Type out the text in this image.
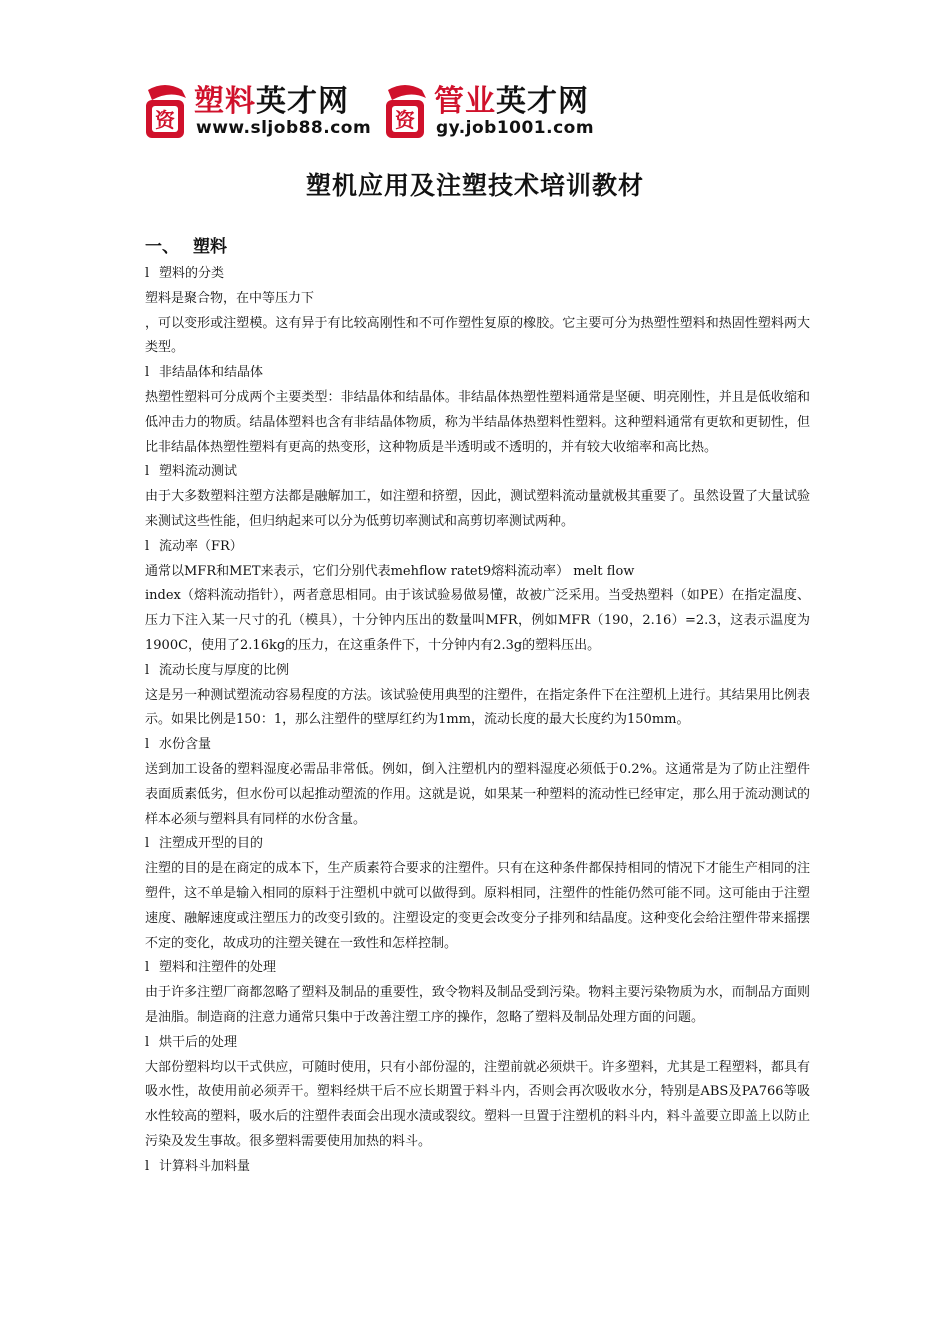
资
塑料英才网
www.sljob88.com 资
管业英才网
gy.job1001.com
塑机应用及注塑技术培训教材
一、 塑料

l 塑料的分类

塑料是聚合物，在中等压力下

，可以变形或注塑模。这有异于有比较高刚性和不可作塑性复原的橡胶。它主要可分为热塑性塑料和热固性塑料两大类型。

l 非结晶体和结晶体

热塑性塑料可分成两个主要类型：非结晶体和结晶体。非结晶体热塑性塑料通常是坚硬、明亮刚性，并且是低收缩和低冲击力的物质。结晶体塑料也含有非结晶体物质，称为半结晶体热塑料性塑料。这种塑料通常有更软和更韧性，但比非结晶体热塑性塑料有更高的热变形，这种物质是半透明或不透明的，并有较大收缩率和高比热。

l 塑料流动测试

由于大多数塑料注塑方法都是融解加工，如注塑和挤塑，因此，测试塑料流动量就极其重要了。虽然设置了大量试验来测试这些性能，但归纳起来可以分为低剪切率测试和高剪切率测试两种。

l 流动率（FR）

通常以MFR和MET来表示，它们分别代表mehflow ratet9熔料流动率） melt flow

index（熔料流动指针），两者意思相同。由于该试验易做易懂，故被广泛采用。当受热塑料（如PE）在指定温度、压力下注入某一尺寸的孔（模具），十分钟内压出的数量叫MFR，例如MFR（190，2.16）=2.3，这表示温度为1900C，使用了2.16kg的压力，在这重条件下，十分钟内有2.3g的塑料压出。

l 流动长度与厚度的比例

这是另一种测试塑流动容易程度的方法。该试验使用典型的注塑件，在指定条件下在注塑机上进行。其结果用比例表示。如果比例是150：1，那么注塑件的壁厚红约为1mm，流动长度的最大长度约为150mm。

l 水份含量

送到加工设备的塑料湿度必需品非常低。例如，倒入注塑机内的塑料湿度必须低于0.2%。这通常是为了防止注塑件表面质素低劣，但水份可以起推动塑流的作用。这就是说，如果某一种塑料的流动性已经审定，那么用于流动测试的样本必须与塑料具有同样的水份含量。

l 注塑成开型的目的

注塑的目的是在商定的成本下，生产质素符合要求的注塑件。只有在这种条件都保持相同的情况下才能生产相同的注塑件，这不单是输入相同的原料于注塑机中就可以做得到。原料相同，注塑件的性能仍然可能不同。这可能由于注塑速度、融解速度或注塑压力的改变引致的。注塑设定的变更会改变分子排列和结晶度。这种变化会给注塑件带来摇摆不定的变化，故成功的注塑关键在一致性和怎样控制。

l 塑料和注塑件的处理

由于许多注塑厂商都忽略了塑料及制品的重要性，致令物料及制品受到污染。物料主要污染物质为水，而制品方面则是油脂。制造商的注意力通常只集中于改善注塑工序的操作，忽略了塑料及制品处理方面的问题。

l 烘干后的处理

大部份塑料均以干式供应，可随时使用，只有小部份湿的，注塑前就必须烘干。许多塑料，尤其是工程塑料，都具有吸水性，故使用前必须弄干。塑料经烘干后不应长期置于料斗内，否则会再次吸收水分，特别是ABS及PA766等吸水性较高的塑料，吸水后的注塑件表面会出现水渍或裂纹。塑料一旦置于注塑机的料斗内，料斗盖要立即盖上以防止污染及发生事故。很多塑料需要使用加热的料斗。

l 计算料斗加料量
